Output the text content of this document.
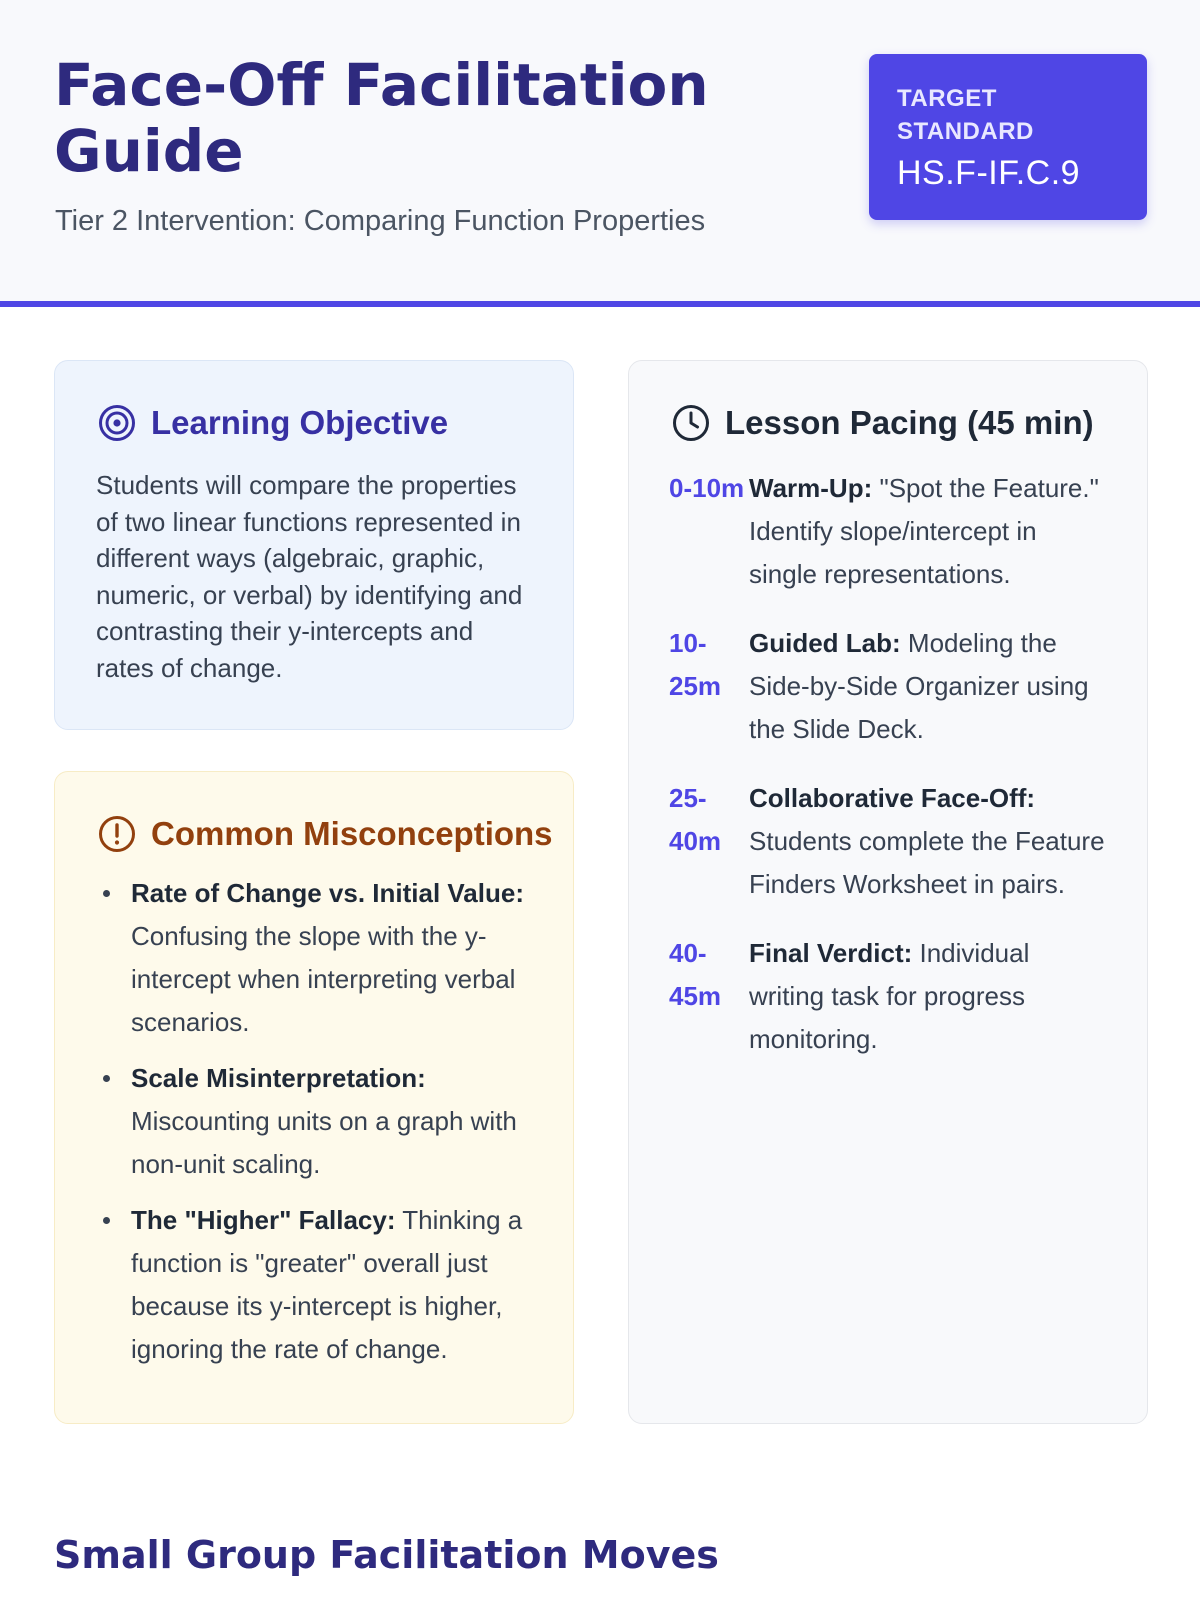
Face-Off Facilitation Guide
Tier 2 Intervention: Comparing Function Properties
TARGET STANDARD
HS.F-IF.C.9
Learning Objective

Students will compare the properties of two linear functions represented in different ways (algebraic, graphic, numeric, or verbal) by identifying and contrasting their y-intercepts and rates of change.

Common Misconceptions
Rate of Change vs. Initial Value: Confusing the slope with the y-intercept when interpreting verbal scenarios.
Scale Misinterpretation: Miscounting units on a graph with non-unit scaling.
The "Higher" Fallacy: Thinking a function is "greater" overall just because its y-intercept is higher, ignoring the rate of change.
Lesson Pacing (45 min)
0-10m Warm-Up: "Spot the Feature." Identify slope/intercept in single representations.
10-25m
Guided Lab: Modeling the Side-by-Side Organizer using the Slide Deck.
25-40m
Collaborative Face-Off: Students complete the Feature Finders Worksheet in pairs.
40-45m
Final Verdict: Individual writing task for progress monitoring.
Small Group Facilitation Moves
